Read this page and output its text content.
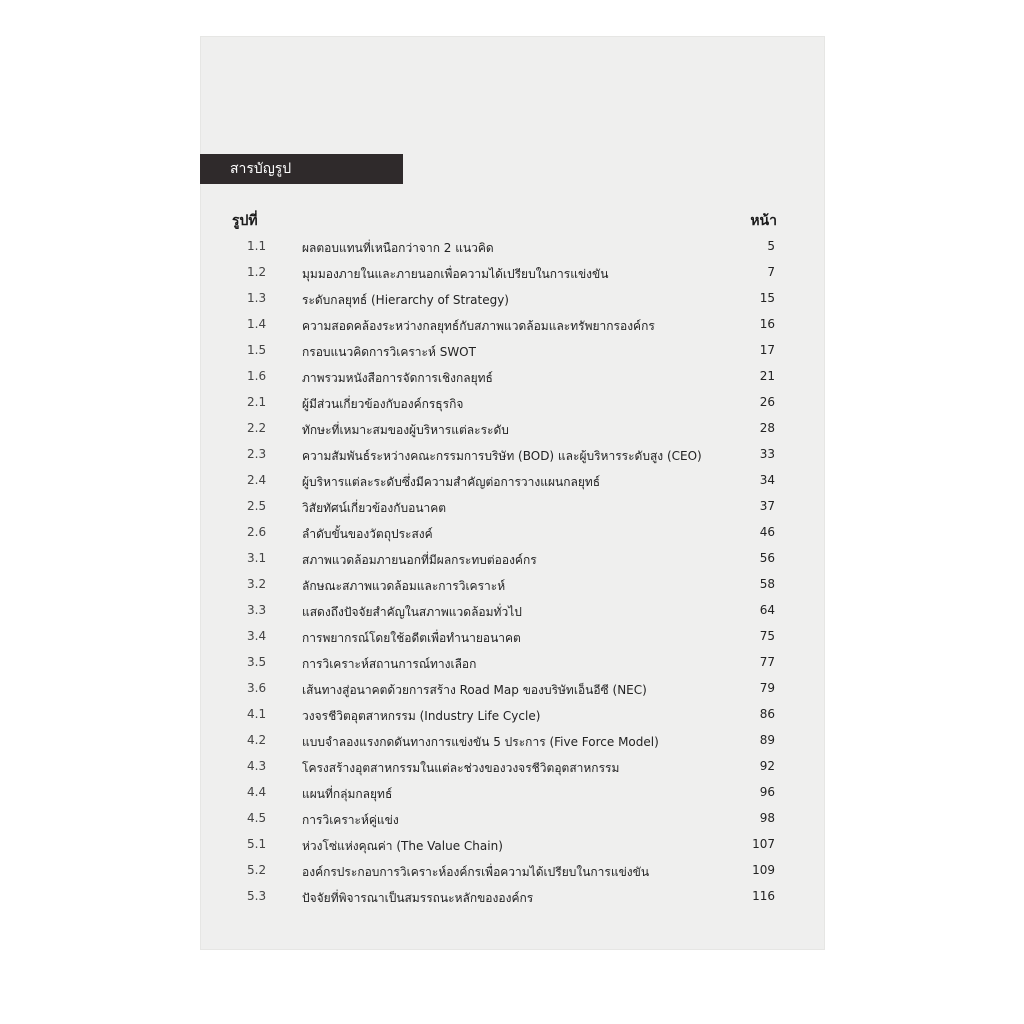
สารบัญรูป
รูปที่	หน้า
1.1	ผลตอบแทนที่เหนือกว่าจาก 2 แนวคิด	5
1.2	มุมมองภายในและภายนอกเพื่อความได้เปรียบในการแข่งขัน	7
1.3	ระดับกลยุทธ์ (Hierarchy of Strategy)	15
1.4	ความสอดคล้องระหว่างกลยุทธ์กับสภาพแวดล้อมและทรัพยากรองค์กร	16
1.5	กรอบแนวคิดการวิเคราะห์ SWOT	17
1.6	ภาพรวมหนังสือการจัดการเชิงกลยุทธ์	21
2.1	ผู้มีส่วนเกี่ยวข้องกับองค์กรธุรกิจ	26
2.2	ทักษะที่เหมาะสมของผู้บริหารแต่ละระดับ	28
2.3	ความสัมพันธ์ระหว่างคณะกรรมการบริษัท (BOD) และผู้บริหารระดับสูง (CEO)	33
2.4	ผู้บริหารแต่ละระดับซึ่งมีความสำคัญต่อการวางแผนกลยุทธ์	34
2.5	วิสัยทัศน์เกี่ยวข้องกับอนาคต	37
2.6	ลำดับขั้นของวัตถุประสงค์	46
3.1	สภาพแวดล้อมภายนอกที่มีผลกระทบต่อองค์กร	56
3.2	ลักษณะสภาพแวดล้อมและการวิเคราะห์	58
3.3	แสดงถึงปัจจัยสำคัญในสภาพแวดล้อมทั่วไป	64
3.4	การพยากรณ์โดยใช้อดีตเพื่อทำนายอนาคต	75
3.5	การวิเคราะห์สถานการณ์ทางเลือก	77
3.6	เส้นทางสู่อนาคตด้วยการสร้าง Road Map ของบริษัทเอ็นอีซี (NEC)	79
4.1	วงจรชีวิตอุตสาหกรรม (Industry Life Cycle)	86
4.2	แบบจำลองแรงกดดันทางการแข่งขัน 5 ประการ (Five Force Model)	89
4.3	โครงสร้างอุตสาหกรรมในแต่ละช่วงของวงจรชีวิตอุตสาหกรรม	92
4.4	แผนที่กลุ่มกลยุทธ์	96
4.5	การวิเคราะห์คู่แข่ง	98
5.1	ห่วงโซ่แห่งคุณค่า (The Value Chain)	107
5.2	องค์กรประกอบการวิเคราะห์องค์กรเพื่อความได้เปรียบในการแข่งขัน	109
5.3	ปัจจัยที่พิจารณาเป็นสมรรถนะหลักขององค์กร	116
